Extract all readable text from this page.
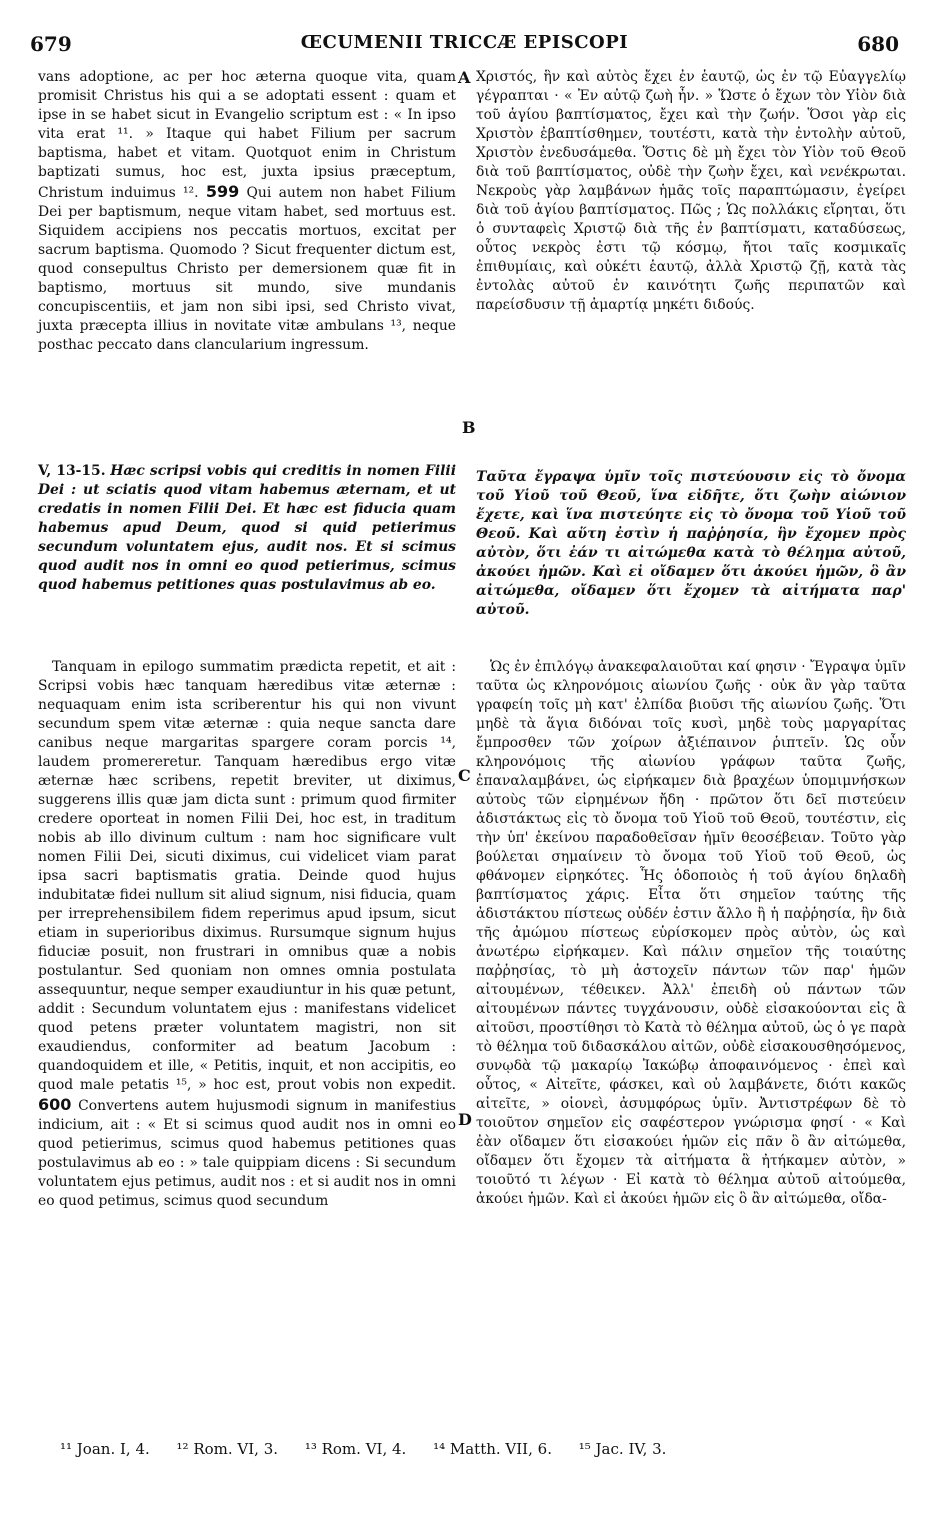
679	ŒCUMENII TRICCÆ EPISCOPI	680
A
B
C
D

vans adoptione, ac per hoc æterna quoque vita, quam promisit Christus his qui a se adoptati essent : quam et ipse in se habet sicut in Evangelio scriptum est : « In ipso vita erat ¹¹. » Itaque qui habet Filium per sacrum baptisma, habet et vitam. Quotquot enim in Christum baptizati sumus, hoc est, juxta ipsius præceptum, Christum induimus ¹². 599 Qui autem non habet Filium Dei per baptismum, neque vitam habet, sed mortuus est. Siquidem accipiens nos peccatis mortuos, excitat per sacrum baptisma. Quomodo ? Sicut frequenter dictum est, quod consepultus Christo per demersionem quæ fit in baptismo, mortuus sit mundo, sive mundanis concupiscentiis, et jam non sibi ipsi, sed Christo vivat, juxta præcepta illius in novitate vitæ ambulans ¹³, neque posthac peccato dans clancularium ingressum.

V, 13-15. Hæc scripsi vobis qui creditis in nomen Filii Dei : ut sciatis quod vitam habemus æternam, et ut credatis in nomen Filii Dei. Et hæc est fiducia quam habemus apud Deum, quod si quid petierimus secundum voluntatem ejus, audit nos. Et si scimus quod audit nos in omni eo quod petierimus, scimus quod habemus petitiones quas postulavimus ab eo.

Tanquam in epilogo summatim prædicta repetit, et ait : Scripsi vobis hæc tanquam hæredibus vitæ æternæ : nequaquam enim ista scriberentur his qui non vivunt secundum spem vitæ æternæ : quia neque sancta dare canibus neque margaritas spargere coram porcis ¹⁴, laudem promereretur. Tanquam hæredibus ergo vitæ æternæ hæc scribens, repetit breviter, ut diximus, suggerens illis quæ jam dicta sunt : primum quod firmiter credere oporteat in nomen Filii Dei, hoc est, in traditum nobis ab illo divinum cultum : nam hoc significare vult nomen Filii Dei, sicuti diximus, cui videlicet viam parat ipsa sacri baptismatis gratia. Deinde quod hujus indubitatæ fidei nullum sit aliud signum, nisi fiducia, quam per irreprehensibilem fidem reperimus apud ipsum, sicut etiam in superioribus diximus. Rursumque signum hujus fiduciæ posuit, non frustrari in omnibus quæ a nobis postulantur. Sed quoniam non omnes omnia postulata assequuntur, neque semper exaudiuntur in his quæ petunt, addit : Secundum voluntatem ejus : manifestans videlicet quod petens præter voluntatem magistri, non sit exaudiendus, conformiter ad beatum Jacobum : quandoquidem et ille, « Petitis, inquit, et non accipitis, eo quod male petatis ¹⁵, » hoc est, prout vobis non expedit. 600 Convertens autem hujusmodi signum in manifestius indicium, ait : « Et si scimus quod audit nos in omni eo quod petierimus, scimus quod habemus petitiones quas postulavimus ab eo : » tale quippiam dicens : Si secundum voluntatem ejus petimus, audit nos : et si audit nos in omni eo quod petimus, scimus quod secundum

Χριστός, ἣν καὶ αὐτὸς ἔχει ἐν ἑαυτῷ, ὡς ἐν τῷ Εὐαγγελίῳ γέγραπται · « Ἐν αὐτῷ ζωὴ ἦν. » Ὥστε ὁ ἔχων τὸν Υἱὸν διὰ τοῦ ἁγίου βαπτίσματος, ἔχει καὶ τὴν ζωήν. Ὅσοι γὰρ εἰς Χριστὸν ἐβαπτίσθημεν, τουτέστι, κατὰ τὴν ἐντολὴν αὐτοῦ, Χριστὸν ἐνεδυσάμεθα. Ὅστις δὲ μὴ ἔχει τὸν Υἱὸν τοῦ Θεοῦ διὰ τοῦ βαπτίσματος, οὐδὲ τὴν ζωὴν ἔχει, καὶ νενέκρωται. Νεκροὺς γὰρ λαμβάνων ἡμᾶς τοῖς παραπτώμασιν, ἐγείρει διὰ τοῦ ἁγίου βαπτίσματος. Πῶς ; Ὡς πολλάκις εἴρηται, ὅτι ὁ συνταφεὶς Χριστῷ διὰ τῆς ἐν βαπτίσματι, καταδύσεως, οὗτος νεκρὸς ἐστι τῷ κόσμῳ, ἤτοι ταῖς κοσμικαῖς ἐπιθυμίαις, καὶ οὐκέτι ἑαυτῷ, ἀλλὰ Χριστῷ ζῇ, κατὰ τὰς ἐντολὰς αὐτοῦ ἐν καινότητι ζωῆς περιπατῶν καὶ παρείσδυσιν τῇ ἁμαρτίᾳ μηκέτι διδούς.

Ταῦτα ἔγραψα ὑμῖν τοῖς πιστεύουσιν εἰς τὸ ὄνομα τοῦ Υἱοῦ τοῦ Θεοῦ, ἵνα εἰδῆτε, ὅτι ζωὴν αἰώνιον ἔχετε, καὶ ἵνα πιστεύητε εἰς τὸ ὄνομα τοῦ Υἱοῦ τοῦ Θεοῦ. Καὶ αὕτη ἐστὶν ἡ παῤῥησία, ἣν ἔχομεν πρὸς αὐτὸν, ὅτι ἐάν τι αἰτώμεθα κατὰ τὸ θέλημα αὐτοῦ, ἀκούει ἡμῶν. Καὶ εἰ οἴδαμεν ὅτι ἀκούει ἡμῶν, ὃ ἂν αἰτώμεθα, οἴδαμεν ὅτι ἔχομεν τὰ αἰτήματα παρ' αὐτοῦ.

Ὡς ἐν ἐπιλόγῳ ἀνακεφαλαιοῦται καί φησιν · Ἔγραψα ὑμῖν ταῦτα ὡς κληρονόμοις αἰωνίου ζωῆς · οὐκ ἂν γὰρ ταῦτα γραφείη τοῖς μὴ κατ' ἐλπίδα βιοῦσι τῆς αἰωνίου ζωῆς. Ὅτι μηδὲ τὰ ἅγια διδόναι τοῖς κυσὶ, μηδὲ τοὺς μαργαρίτας ἔμπροσθεν τῶν χοίρων ἀξιέπαινον ῥιπτεῖν. Ὡς οὖν κληρονόμοις τῆς αἰωνίου γράφων ταῦτα ζωῆς, ἐπαναλαμβάνει, ὡς εἰρήκαμεν διὰ βραχέων ὑπομιμνήσκων αὐτοὺς τῶν εἰρημένων ἤδη · πρῶτον ὅτι δεῖ πιστεύειν ἀδιστάκτως εἰς τὸ ὄνομα τοῦ Υἱοῦ τοῦ Θεοῦ, τουτέστιν, εἰς τὴν ὑπ' ἐκείνου παραδοθεῖσαν ἡμῖν θεοσέβειαν. Τοῦτο γὰρ βούλεται σημαίνειν τὸ ὄνομα τοῦ Υἱοῦ τοῦ Θεοῦ, ὡς φθάνομεν εἰρηκότες. Ἧς ὁδοποιὸς ἡ τοῦ ἁγίου δηλαδὴ βαπτίσματος χάρις. Εἶτα ὅτι σημεῖον ταύτης τῆς ἀδιστάκτου πίστεως οὐδέν ἐστιν ἄλλο ἢ ἡ παῤῥησία, ἣν διὰ τῆς ἀμώμου πίστεως εὑρίσκομεν πρὸς αὐτὸν, ὡς καὶ ἀνωτέρω εἰρήκαμεν. Καὶ πάλιν σημεῖον τῆς τοιαύτης παῤῥησίας, τὸ μὴ ἀστοχεῖν πάντων τῶν παρ' ἡμῶν αἰτουμένων, τέθεικεν. Ἀλλ' ἐπειδὴ οὐ πάντων τῶν αἰτουμένων πάντες τυγχάνουσιν, οὐδὲ εἰσακούονται εἰς ἃ αἰτοῦσι, προστίθησι τὸ Κατὰ τὸ θέλημα αὐτοῦ, ὡς ὁ γε παρὰ τὸ θέλημα τοῦ διδασκάλου αἰτῶν, οὐδὲ εἰσακουσθησόμενος, συνῳδὰ τῷ μακαρίῳ Ἰακώβῳ ἀποφαινόμενος · ἐπεὶ καὶ οὗτος, « Αἰτεῖτε, φάσκει, καὶ οὐ λαμβάνετε, διότι κακῶς αἰτεῖτε, » οἱονεὶ, ἀσυμφόρως ὑμῖν. Ἀντιστρέφων δὲ τὸ τοιοῦτον σημεῖον εἰς σαφέστερον γνώρισμα φησί · « Καὶ ἐὰν οἴδαμεν ὅτι εἰσακούει ἡμῶν εἰς πᾶν ὃ ἂν αἰτώμεθα, οἴδαμεν ὅτι ἔχομεν τὰ αἰτήματα ἃ ἠτήκαμεν αὐτὸν, » τοιοῦτό τι λέγων · Εἰ κατὰ τὸ θέλημα αὐτοῦ αἰτούμεθα, ἀκούει ἡμῶν. Καὶ εἰ ἀκούει ἡμῶν εἰς ὃ ἂν αἰτώμεθα, οἴδα-

¹¹ Joan. I, 4. ¹² Rom. VI, 3. ¹³ Rom. VI, 4. ¹⁴ Matth. VII, 6. ¹⁵ Jac. IV, 3.
